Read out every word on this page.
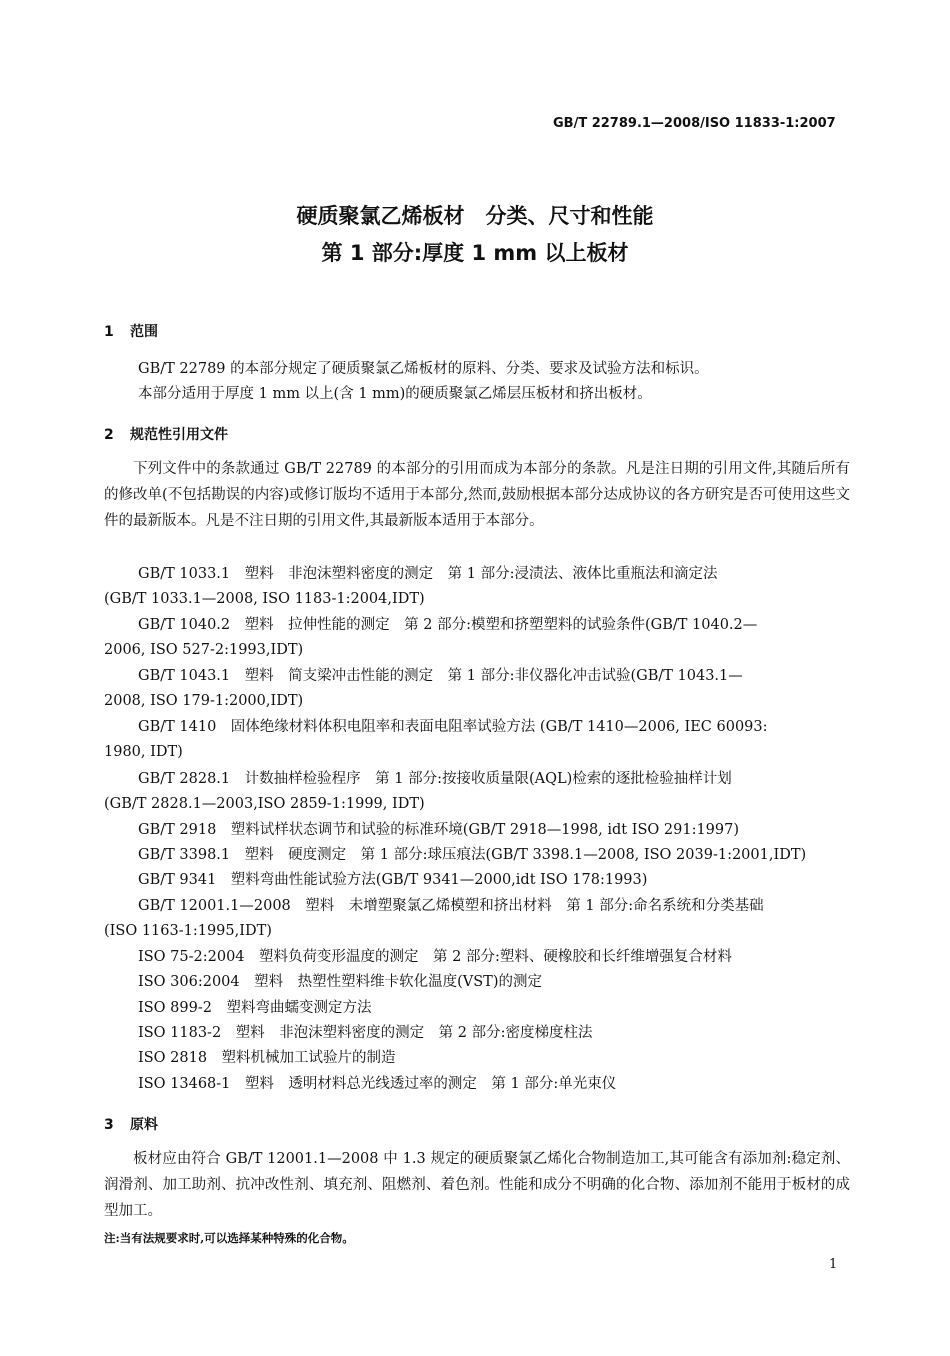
GB/T 22789.1—2008/ISO 11833-1:2007
硬质聚氯乙烯板材　分类、尺寸和性能
第 1 部分:厚度 1 mm 以上板材
1 范围
GB/T 22789 的本部分规定了硬质聚氯乙烯板材的原料、分类、要求及试验方法和标识。
本部分适用于厚度 1 mm 以上(含 1 mm)的硬质聚氯乙烯层压板材和挤出板材。
2 规范性引用文件
下列文件中的条款通过 GB/T 22789 的本部分的引用而成为本部分的条款。凡是注日期的引用文件,其随后所有的修改单(不包括勘误的内容)或修订版均不适用于本部分,然而,鼓励根据本部分达成协议的各方研究是否可使用这些文件的最新版本。凡是不注日期的引用文件,其最新版本适用于本部分。
GB/T 1033.1　塑料　非泡沫塑料密度的测定　第 1 部分:浸渍法、液体比重瓶法和滴定法
(GB/T 1033.1—2008, ISO 1183-1:2004,IDT)
GB/T 1040.2　塑料　拉伸性能的测定　第 2 部分:模塑和挤塑塑料的试验条件(GB/T 1040.2—
2006, ISO 527-2:1993,IDT)
GB/T 1043.1　塑料　简支梁冲击性能的测定　第 1 部分:非仪器化冲击试验(GB/T 1043.1—
2008, ISO 179-1:2000,IDT)
GB/T 1410　固体绝缘材料体积电阻率和表面电阻率试验方法 (GB/T 1410—2006, IEC 60093:
1980, IDT)
GB/T 2828.1　计数抽样检验程序　第 1 部分:按接收质量限(AQL)检索的逐批检验抽样计划
(GB/T 2828.1—2003,ISO 2859-1:1999, IDT)
GB/T 2918　塑料试样状态调节和试验的标准环境(GB/T 2918—1998, idt ISO 291:1997)
GB/T 3398.1　塑料　硬度测定　第 1 部分:球压痕法(GB/T 3398.1—2008, ISO 2039-1:2001,IDT)
GB/T 9341　塑料弯曲性能试验方法(GB/T 9341—2000,idt ISO 178:1993)
GB/T 12001.1—2008　塑料　未增塑聚氯乙烯模塑和挤出材料　第 1 部分:命名系统和分类基础
(ISO 1163-1:1995,IDT)
ISO 75-2:2004　塑料负荷变形温度的测定　第 2 部分:塑料、硬橡胶和长纤维增强复合材料
ISO 306:2004　塑料　热塑性塑料维卡软化温度(VST)的测定
ISO 899-2　塑料弯曲蠕变测定方法
ISO 1183-2　塑料　非泡沫塑料密度的测定　第 2 部分:密度梯度柱法
ISO 2818　塑料机械加工试验片的制造
ISO 13468-1　塑料　透明材料总光线透过率的测定　第 1 部分:单光束仪
3 原料
板材应由符合 GB/T 12001.1—2008 中 1.3 规定的硬质聚氯乙烯化合物制造加工,其可能含有添加剂:稳定剂、润滑剂、加工助剂、抗冲改性剂、填充剂、阻燃剂、着色剂。性能和成分不明确的化合物、添加剂不能用于板材的成型加工。
注:当有法规要求时,可以选择某种特殊的化合物。
1
